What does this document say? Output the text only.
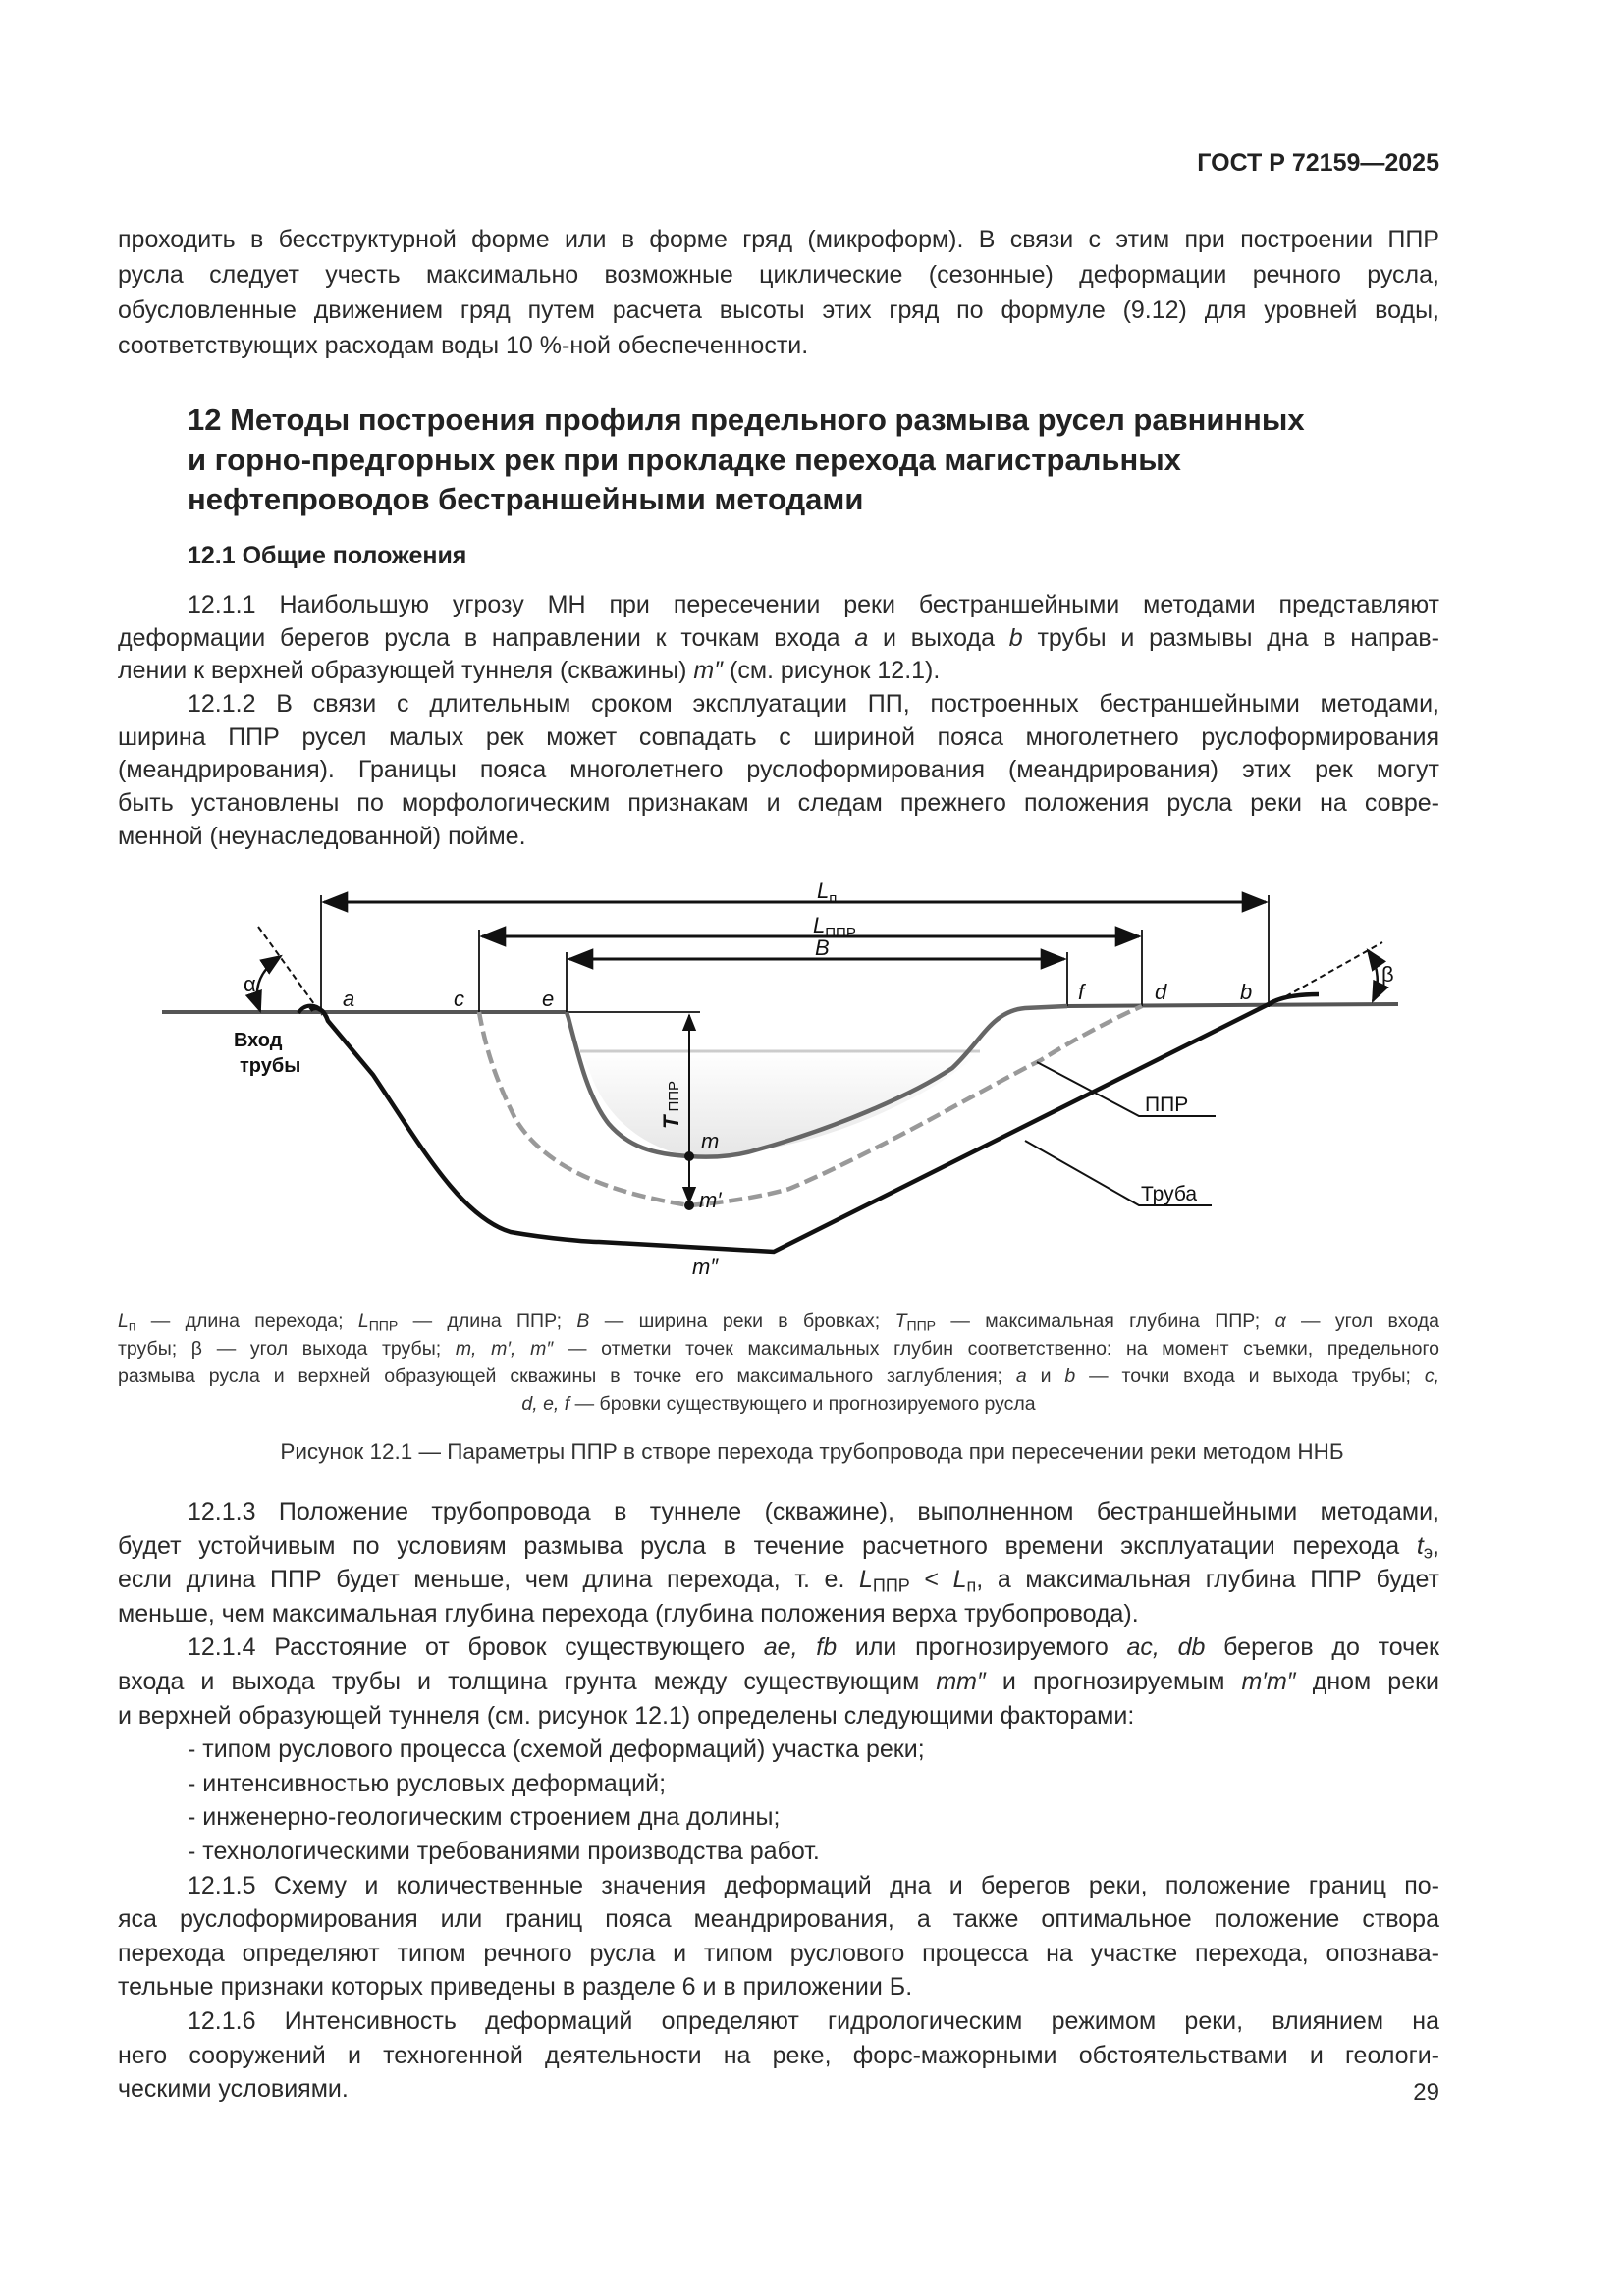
ГОСТ Р 72159—2025
проходить в бесструктурной форме или в форме гряд (микроформ). В связи с этим при построении ППР
русла следует учесть максимально возможные циклические (сезонные) деформации речного русла,
обусловленные движением гряд путем расчета высоты этих гряд по формуле (9.12) для уровней воды,
соответствующих расходам воды 10 %-ной обеспеченности.
12 Методы построения профиля предельного размыва русел равнинных
и горно-предгорных рек при прокладке перехода магистральных
нефтепроводов бестраншейными методами
12.1 Общие положения
12.1.1 Наибольшую угрозу МН при пересечении реки бестраншейными методами представляют
деформации берегов русла в направлении к точкам входа a и выхода b трубы и размывы дна в направ-
лении к верхней образующей туннеля (скважины) m″ (см. рисунок 12.1).
12.1.2 В связи с длительным сроком эксплуатации ПП, построенных бестраншейными методами,
ширина ППР русел малых рек может совпадать с шириной пояса многолетнего руслоформирования
(меандрирования). Границы пояса многолетнего руслоформирования (меандрирования) этих рек могут
быть установлены по морфологическим признакам и следам прежнего положения русла реки на совре-
менной (неунаследованной) пойме.
$L_п$
$L_{ППР}$
B
a	c	e	f	d	b
m
m′
m″
TППР
α	β
Вход
трубы
ППР
Труба
$L_п$ — длина перехода; $L_{ППР}$ — длина ППР; B — ширина реки в бровках; $T_{ППР}$ — максимальная глубина ППР; α — угол входа
трубы; β — угол выхода трубы; m, m′, m″ — отметки точек максимальных глубин соответственно: на момент съемки, предельного
размыва русла и верхней образующей скважины в точке его максимального заглубления; a и b — точки входа и выхода трубы; c,
d, e, f — бровки существующего и прогнозируемого русла
Рисунок 12.1 — Параметры ППР в створе перехода трубопровода при пересечении реки методом ННБ
12.1.3 Положение трубопровода в туннеле (скважине), выполненном бестраншейными методами,
будет устойчивым по условиям размыва русла в течение расчетного времени эксплуатации перехода $t_э$,
если длина ППР будет меньше, чем длина перехода, т. е. $L_{ППР} < L_п$, а максимальная глубина ППР будет
меньше, чем максимальная глубина перехода (глубина положения верха трубопровода).
12.1.4 Расстояние от бровок существующего ae, fb или прогнозируемого ac, db берегов до точек
входа и выхода трубы и толщина грунта между существующим mm″ и прогнозируемым m′m″ дном реки
и верхней образующей туннеля (см. рисунок 12.1) определены следующими факторами:
- типом руслового процесса (схемой деформаций) участка реки;
- интенсивностью русловых деформаций;
- инженерно-геологическим строением дна долины;
- технологическими требованиями производства работ.
12.1.5 Схему и количественные значения деформаций дна и берегов реки, положение границ по-
яса руслоформирования или границ пояса меандрирования, а также оптимальное положение створа
перехода определяют типом речного русла и типом руслового процесса на участке перехода, опознава-
тельные признаки которых приведены в разделе 6 и в приложении Б.
12.1.6 Интенсивность деформаций определяют гидрологическим режимом реки, влиянием на
него сооружений и техногенной деятельности на реке, форс-мажорными обстоятельствами и геологи-
ческими условиями.	29
